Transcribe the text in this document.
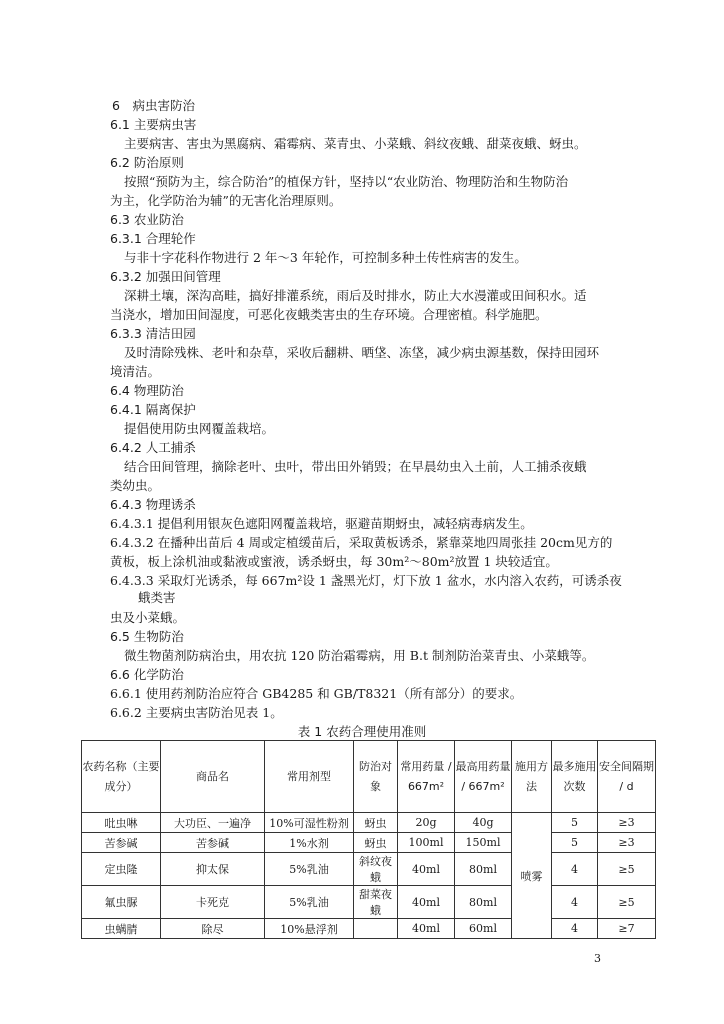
6　病虫害防治
6.1 主要病虫害
主要病害、害虫为黑腐病、霜霉病、菜青虫、小菜蛾、斜纹夜蛾、甜菜夜蛾、蚜虫。
6.2 防治原则
按照“预防为主，综合防治”的植保方针，坚持以“农业防治、物理防治和生物防治
为主，化学防治为辅”的无害化治理原则。
6.3 农业防治
6.3.1 合理轮作
与非十字花科作物进行 2 年～3 年轮作，可控制多种土传性病害的发生。
6.3.2 加强田间管理
深耕土壤，深沟高畦，搞好排灌系统，雨后及时排水，防止大水漫灌或田间积水。适
当浇水，增加田间湿度，可恶化夜蛾类害虫的生存环境。合理密植。科学施肥。
6.3.3 清洁田园
及时清除残株、老叶和杂草，采收后翻耕、晒垡、冻垡，减少病虫源基数，保持田园环
境清洁。
6.4 物理防治
6.4.1 隔离保护
提倡使用防虫网覆盖栽培。
6.4.2 人工捕杀
结合田间管理，摘除老叶、虫叶，带出田外销毁；在早晨幼虫入土前，人工捕杀夜蛾
类幼虫。
6.4.3 物理诱杀
6.4.3.1 提倡利用银灰色遮阳网覆盖栽培，驱避苗期蚜虫，减轻病毒病发生。
6.4.3.2 在播种出苗后 4 周或定植缓苗后，采取黄板诱杀，紧靠菜地四周张挂 20cm见方的
黄板，板上涂机油或黏液或蜜液，诱杀蚜虫，每 30m²～80m²放置 1 块较适宜。
6.4.3.3 采取灯光诱杀，每 667m²设 1 盏黑光灯，灯下放 1 盆水，水内溶入农药，可诱杀夜
蛾类害
虫及小菜蛾。
6.5 生物防治
微生物菌剂防病治虫，用农抗 120 防治霜霉病，用 B.t 制剂防治菜青虫、小菜蛾等。
6.6 化学防治
6.6.1 使用药剂防治应符合 GB4285 和 GB/T8321（所有部分）的要求。
6.6.2 主要病虫害防治见表 1。
表 1 农药合理使用准则
农药名称（主要成分）	商品名	常用剂型	防治对象	常用药量 / 667m²	最高用药量 / 667m²	施用方法	最多施用次数	安全间隔期 / d
吡虫啉	大功臣、一遍净	10%可湿性粉剂	蚜虫	20g	40g	喷雾	5	≥3
苦参碱	苦参碱	1%水剂	蚜虫	100ml	150ml		5	≥3
定虫隆	抑太保	5%乳油	斜纹夜蛾	40ml	80ml		4	≥5
氟虫脲	卡死克	5%乳油	甜菜夜蛾	40ml	80ml		4	≥5
虫螨腈	除尽	10%悬浮剂		40ml	60ml		4	≥7
3
